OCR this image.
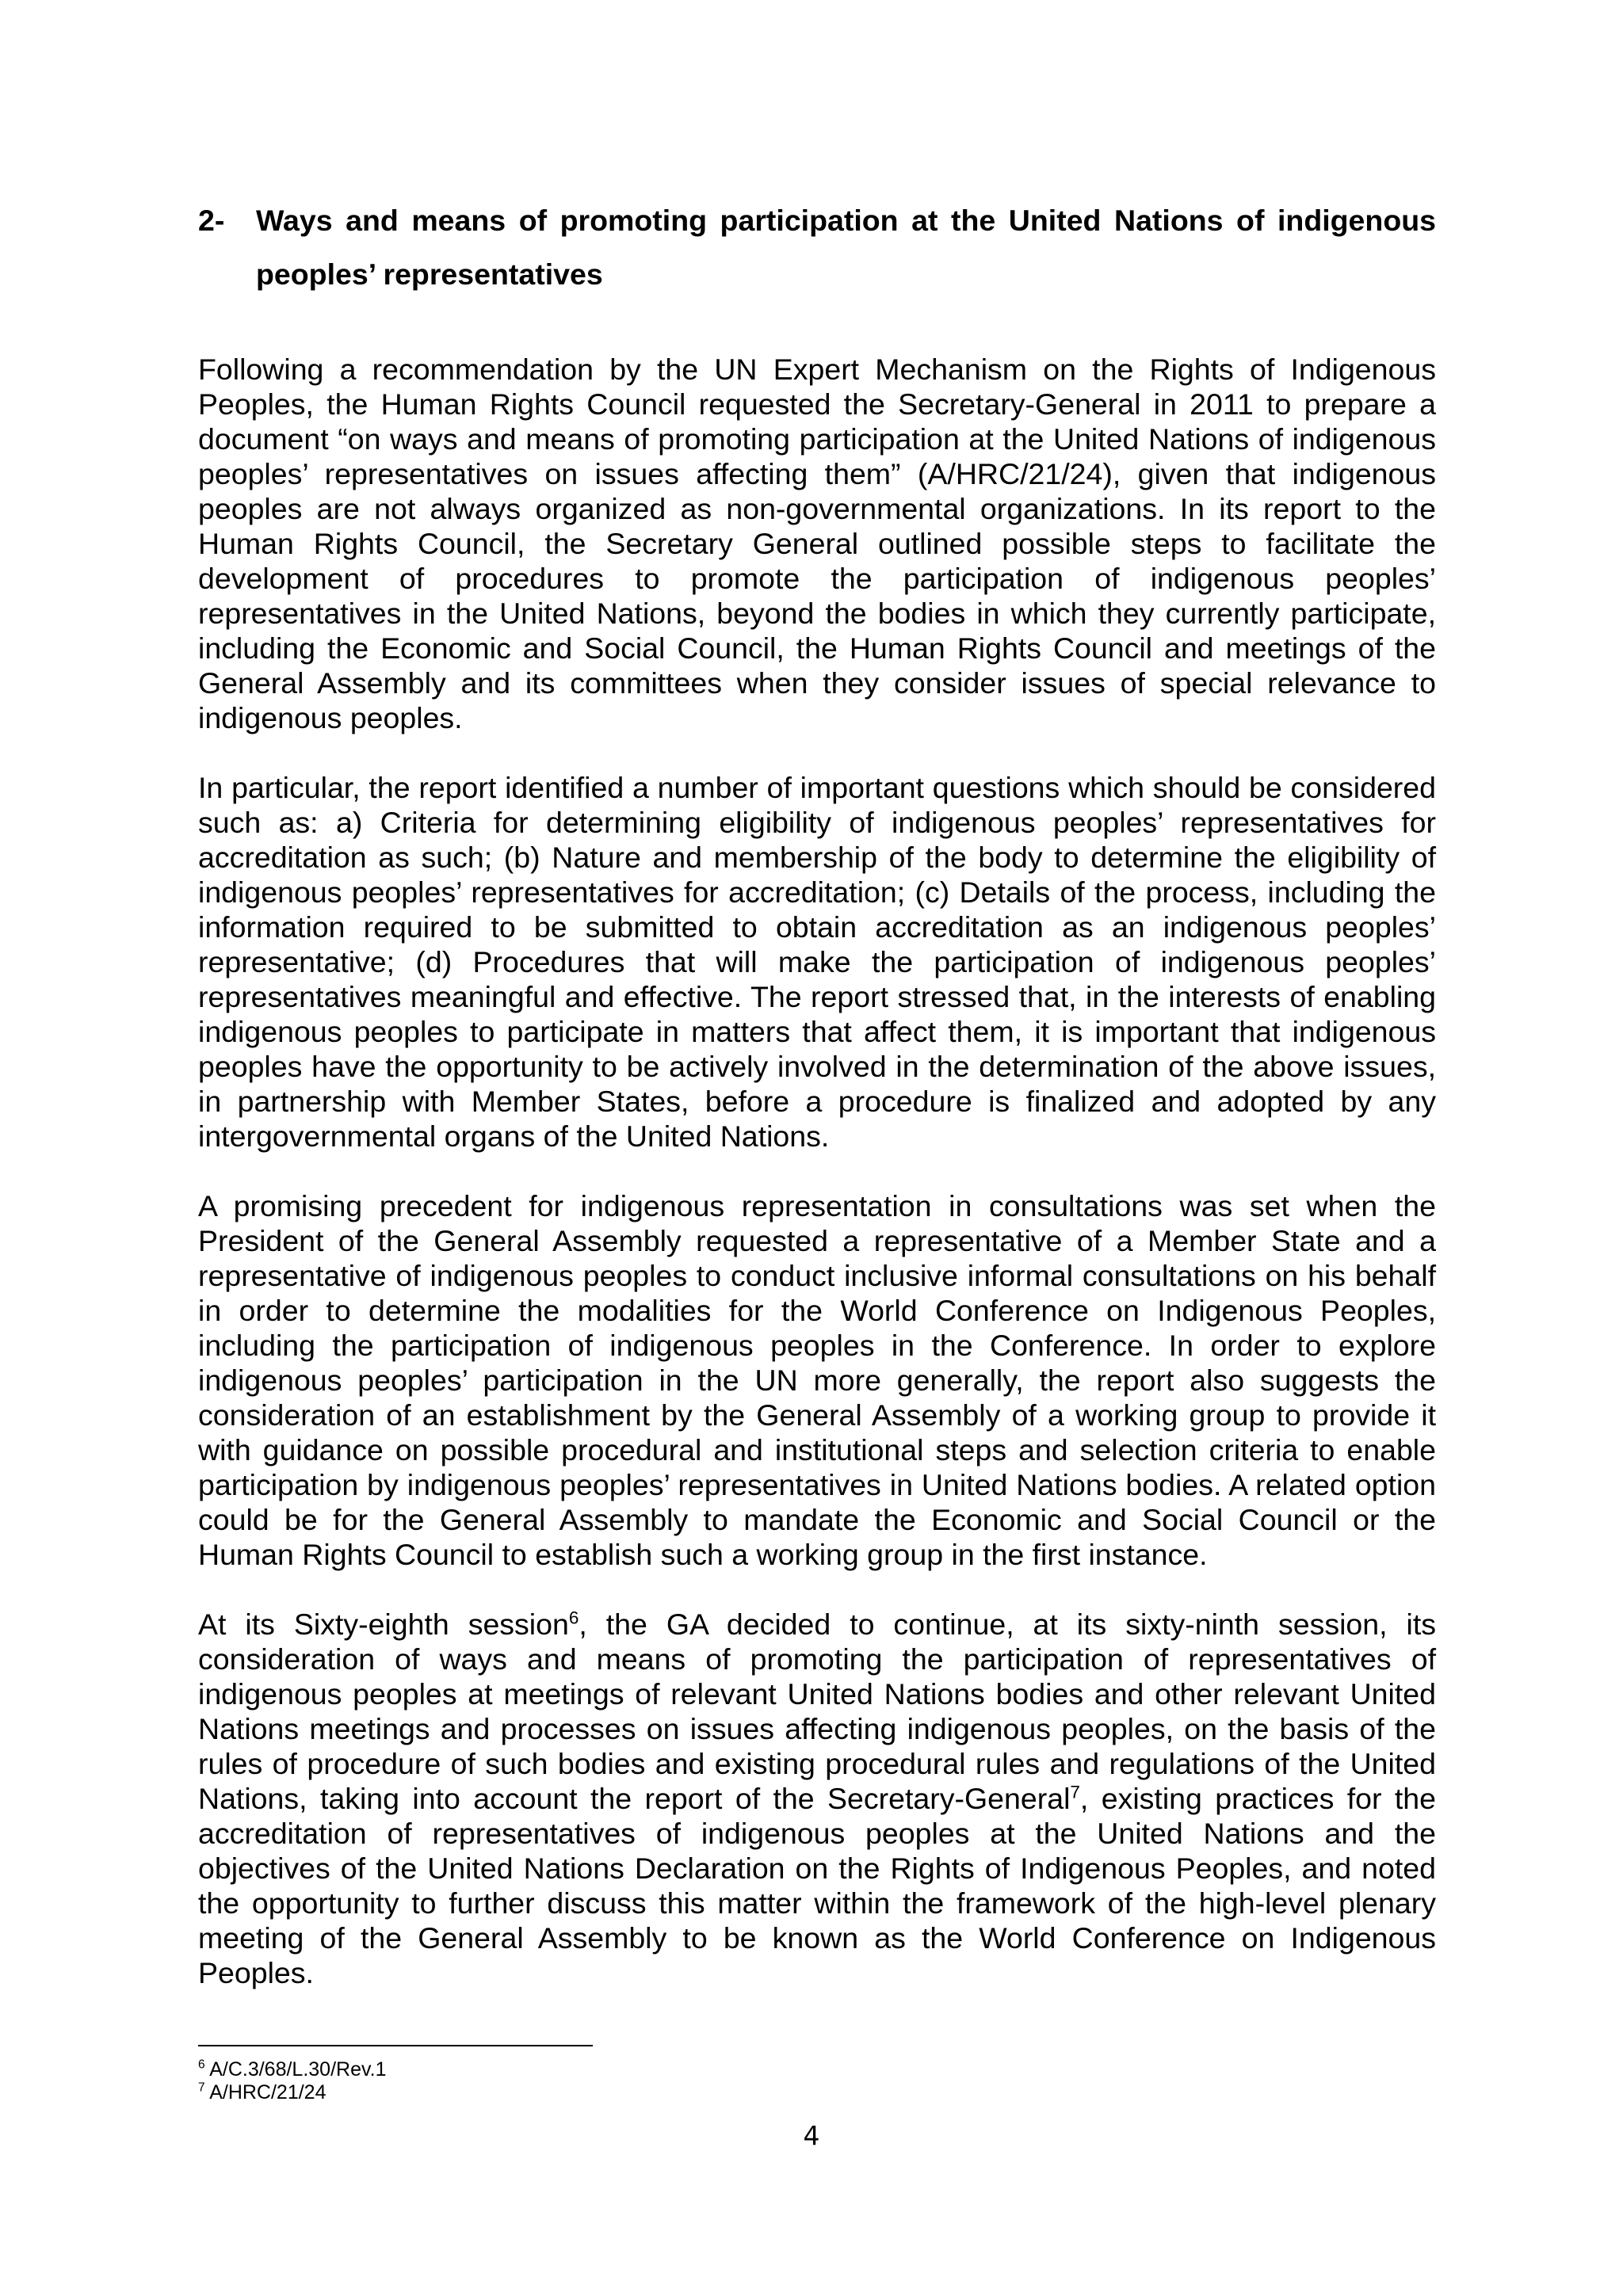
2- Ways and means of promoting participation at the United Nations of indigenous peoples’ representatives

Following a recommendation by the UN Expert Mechanism on the Rights of Indigenous Peoples, the Human Rights Council requested the Secretary-General in 2011 to prepare a document “on ways and means of promoting participation at the United Nations of indigenous peoples’ representatives on issues affecting them” (A/HRC/21/24), given that indigenous peoples are not always organized as non-governmental organizations. In its report to the Human Rights Council, the Secretary General outlined possible steps to facilitate the development of procedures to promote the participation of indigenous peoples’ representatives in the United Nations, beyond the bodies in which they currently participate, including the Economic and Social Council, the Human Rights Council and meetings of the General Assembly and its committees when they consider issues of special relevance to indigenous peoples.

In particular, the report identified a number of important questions which should be considered such as: a) Criteria for determining eligibility of indigenous peoples’ representatives for accreditation as such; (b) Nature and membership of the body to determine the eligibility of indigenous peoples’ representatives for accreditation; (c) Details of the process, including the information required to be submitted to obtain accreditation as an indigenous peoples’ representative; (d) Procedures that will make the participation of indigenous peoples’ representatives meaningful and effective. The report stressed that, in the interests of enabling indigenous peoples to participate in matters that affect them, it is important that indigenous peoples have the opportunity to be actively involved in the determination of the above issues, in partnership with Member States, before a procedure is finalized and adopted by any intergovernmental organs of the United Nations.

A promising precedent for indigenous representation in consultations was set when the President of the General Assembly requested a representative of a Member State and a representative of indigenous peoples to conduct inclusive informal consultations on his behalf in order to determine the modalities for the World Conference on Indigenous Peoples, including the participation of indigenous peoples in the Conference. In order to explore indigenous peoples’ participation in the UN more generally, the report also suggests the consideration of an establishment by the General Assembly of a working group to provide it with guidance on possible procedural and institutional steps and selection criteria to enable participation by indigenous peoples’ representatives in United Nations bodies. A related option could be for the General Assembly to mandate the Economic and Social Council or the Human Rights Council to establish such a working group in the first instance.

At its Sixty-eighth session$^6$, the GA decided to continue, at its sixty-ninth session, its consideration of ways and means of promoting the participation of representatives of indigenous peoples at meetings of relevant United Nations bodies and other relevant United Nations meetings and processes on issues affecting indigenous peoples, on the basis of the rules of procedure of such bodies and existing procedural rules and regulations of the United Nations, taking into account the report of the Secretary-General$^7$, existing practices for the accreditation of representatives of indigenous peoples at the United Nations and the objectives of the United Nations Declaration on the Rights of Indigenous Peoples, and noted the opportunity to further discuss this matter within the framework of the high-level plenary meeting of the General Assembly to be known as the World Conference on Indigenous Peoples.

$^6$ A/C.3/68/L.30/Rev.1
$^7$ A/HRC/21/24
4
